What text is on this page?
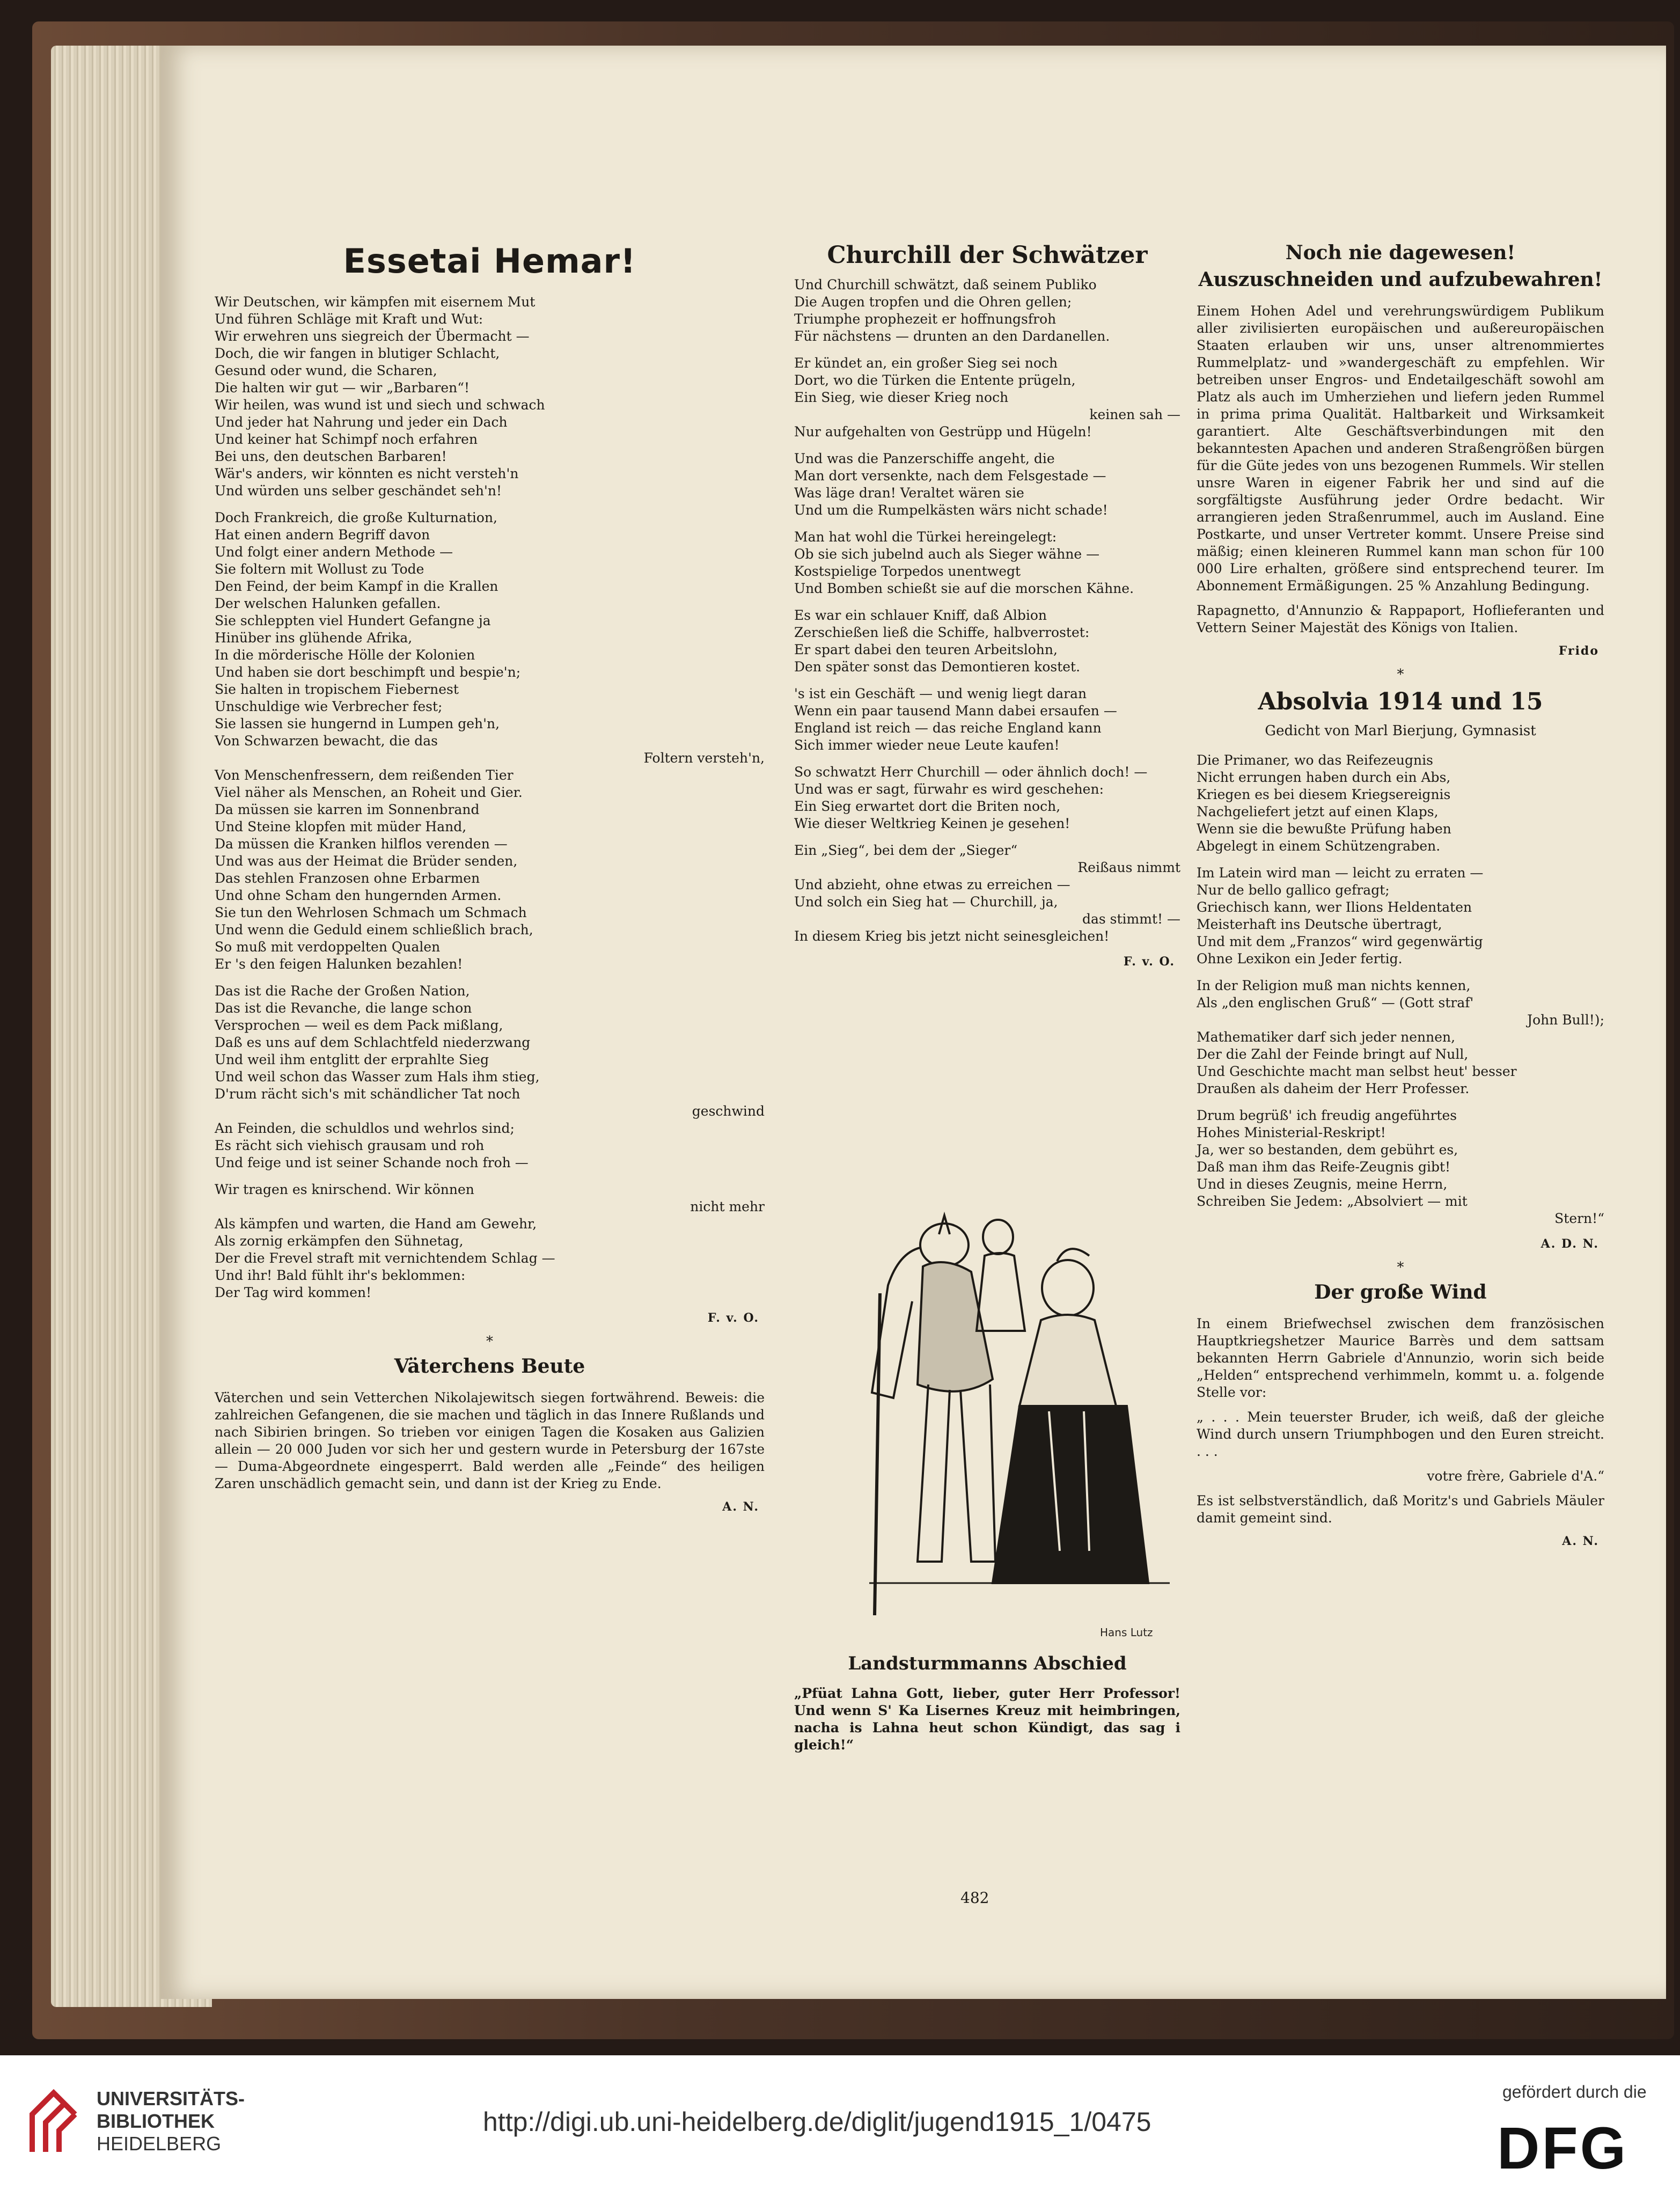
Essetai Hemar!
Wir Deutschen, wir kämpfen mit eisernem Mut
Und führen Schläge mit Kraft und Wut:
Wir erwehren uns siegreich der Übermacht —
Doch, die wir fangen in blutiger Schlacht,
Gesund oder wund, die Scharen,
Die halten wir gut — wir „Barbaren“!
Wir heilen, was wund ist und siech und schwach
Und jeder hat Nahrung und jeder ein Dach
Und keiner hat Schimpf noch erfahren
Bei uns, den deutschen Barbaren!
Wär's anders, wir könnten es nicht versteh'n
Und würden uns selber geschändet seh'n!
Doch Frankreich, die große Kulturnation,
Hat einen andern Begriff davon
Und folgt einer andern Methode —
Sie foltern mit Wollust zu Tode
Den Feind, der beim Kampf in die Krallen
Der welschen Halunken gefallen.
Sie schleppten viel Hundert Gefangne ja
Hinüber ins glühende Afrika,
In die mörderische Hölle der Kolonien
Und haben sie dort beschimpft und bespie'n;
Sie halten in tropischem Fiebernest
Unschuldige wie Verbrecher fest;
Sie lassen sie hungernd in Lumpen geh'n,
Von Schwarzen bewacht, die das
Foltern versteh'n,
Von Menschenfressern, dem reißenden Tier
Viel näher als Menschen, an Roheit und Gier.
Da müssen sie karren im Sonnenbrand
Und Steine klopfen mit müder Hand,
Da müssen die Kranken hilflos verenden —
Und was aus der Heimat die Brüder senden,
Das stehlen Franzosen ohne Erbarmen
Und ohne Scham den hungernden Armen.
Sie tun den Wehrlosen Schmach um Schmach
Und wenn die Geduld einem schließlich brach,
So muß mit verdoppelten Qualen
Er 's den feigen Halunken bezahlen!
Das ist die Rache der Großen Nation,
Das ist die Revanche, die lange schon
Versprochen — weil es dem Pack mißlang,
Daß es uns auf dem Schlachtfeld niederzwang
Und weil ihm entglitt der erprahlte Sieg
Und weil schon das Wasser zum Hals ihm stieg,
D'rum rächt sich's mit schändlicher Tat noch
geschwind
An Feinden, die schuldlos und wehrlos sind;
Es rächt sich viehisch grausam und roh
Und feige und ist seiner Schande noch froh —
Wir tragen es knirschend. Wir können
nicht mehr
Als kämpfen und warten, die Hand am Gewehr,
Als zornig erkämpfen den Sühnetag,
Der die Frevel straft mit vernichtendem Schlag —
Und ihr! Bald fühlt ihr's beklommen:
Der Tag wird kommen!
F. v. O.
*
Väterchens Beute
Väterchen und sein Vetterchen Nikolajewitsch siegen fortwährend. Beweis: die zahlreichen Gefangenen, die sie machen und täglich in das Innere Rußlands und nach Sibirien bringen. So trieben vor einigen Tagen die Kosaken aus Galizien allein — 20 000 Juden vor sich her und gestern wurde in Petersburg der 167ste — Duma-Abgeordnete eingesperrt. Bald werden alle „Feinde“ des heiligen Zaren unschädlich gemacht sein, und dann ist der Krieg zu Ende.
A. N.
Churchill der Schwätzer
Und Churchill schwätzt, daß seinem Publiko
Die Augen tropfen und die Ohren gellen;
Triumphe prophezeit er hoffnungsfroh
Für nächstens — drunten an den Dardanellen.
Er kündet an, ein großer Sieg sei noch
Dort, wo die Türken die Entente prügeln,
Ein Sieg, wie dieser Krieg noch
keinen sah —
Nur aufgehalten von Gestrüpp und Hügeln!
Und was die Panzerschiffe angeht, die
Man dort versenkte, nach dem Felsgestade —
Was läge dran! Veraltet wären sie
Und um die Rumpelkästen wärs nicht schade!
Man hat wohl die Türkei hereingelegt:
Ob sie sich jubelnd auch als Sieger wähne —
Kostspielige Torpedos unentwegt
Und Bomben schießt sie auf die morschen Kähne.
Es war ein schlauer Kniff, daß Albion
Zerschießen ließ die Schiffe, halbverrostet:
Er spart dabei den teuren Arbeitslohn,
Den später sonst das Demontieren kostet.
's ist ein Geschäft — und wenig liegt daran
Wenn ein paar tausend Mann dabei ersaufen —
England ist reich — das reiche England kann
Sich immer wieder neue Leute kaufen!
So schwatzt Herr Churchill — oder ähnlich doch! —
Und was er sagt, fürwahr es wird geschehen:
Ein Sieg erwartet dort die Briten noch,
Wie dieser Weltkrieg Keinen je gesehen!
Ein „Sieg“, bei dem der „Sieger“
Reißaus nimmt
Und abzieht, ohne etwas zu erreichen —
Und solch ein Sieg hat — Churchill, ja,
das stimmt! —
In diesem Krieg bis jetzt nicht seinesgleichen!
F. v. O.
Hans Lutz
Landsturmmanns Abschied
„Pfüat Lahna Gott, lieber, guter Herr Professor! Und wenn S' Ka Lisernes Kreuz mit heimbringen, nacha is Lahna heut schon Kündigt, das sag i gleich!“
Noch nie dagewesen!
Auszuschneiden und aufzubewahren!
Einem Hohen Adel und verehrungswürdigem Publikum aller zivilisierten europäischen und außereuropäischen Staaten erlauben wir uns, unser altrenommiertes Rummelplatz- und »wandergeschäft zu empfehlen. Wir betreiben unser Engros- und Endetailgeschäft sowohl am Platz als auch im Umherziehen und liefern jeden Rummel in prima prima Qualität. Haltbarkeit und Wirksamkeit garantiert. Alte Geschäftsverbindungen mit den bekanntesten Apachen und anderen Straßengrößen bürgen für die Güte jedes von uns bezogenen Rummels. Wir stellen unsre Waren in eigener Fabrik her und sind auf die sorgfältigste Ausführung jeder Ordre bedacht. Wir arrangieren jeden Straßenrummel, auch im Ausland. Eine Postkarte, und unser Vertreter kommt. Unsere Preise sind mäßig; einen kleineren Rummel kann man schon für 100 000 Lire erhalten, größere sind entsprechend teurer. Im Abonnement Ermäßigungen. 25 % Anzahlung Bedingung.
Rapagnetto, d'Annunzio & Rappaport, Hoflieferanten und Vettern Seiner Majestät des Königs von Italien.
Frido
*
Absolvia 1914 und 15
Gedicht von Marl Bierjung, Gymnasist
Die Primaner, wo das Reifezeugnis
Nicht errungen haben durch ein Abs,
Kriegen es bei diesem Kriegsereignis
Nachgeliefert jetzt auf einen Klaps,
Wenn sie die bewußte Prüfung haben
Abgelegt in einem Schützengraben.
Im Latein wird man — leicht zu erraten —
Nur de bello gallico gefragt;
Griechisch kann, wer Ilions Heldentaten
Meisterhaft ins Deutsche übertragt,
Und mit dem „Franzos“ wird gegenwärtig
Ohne Lexikon ein Jeder fertig.
In der Religion muß man nichts kennen,
Als „den englischen Gruß“ — (Gott straf'
John Bull!);
Mathematiker darf sich jeder nennen,
Der die Zahl der Feinde bringt auf Null,
Und Geschichte macht man selbst heut' besser
Draußen als daheim der Herr Professer.
Drum begrüß' ich freudig angeführtes
Hohes Ministerial-Reskript!
Ja, wer so bestanden, dem gebührt es,
Daß man ihm das Reife-Zeugnis gibt!
Und in dieses Zeugnis, meine Herrn,
Schreiben Sie Jedem: „Absolviert — mit
Stern!“
A. D. N.
*
Der große Wind
In einem Briefwechsel zwischen dem französischen Hauptkriegshetzer Maurice Barrès und dem sattsam bekannten Herrn Gabriele d'Annunzio, worin sich beide „Helden“ entsprechend verhimmeln, kommt u. a. folgende Stelle vor:
„ . . . Mein teuerster Bruder, ich weiß, daß der gleiche Wind durch unsern Triumphbogen und den Euren streicht. . . .
votre frère, Gabriele d'A.“
Es ist selbstverständlich, daß Moritz's und Gabriels Mäuler damit gemeint sind.
A. N.
482
UNIVERSITÄTS-
BIBLIOTHEK
HEIDELBERG
http://digi.ub.uni-heidelberg.de/diglit/jugend1915_1/0475
gefördert durch die
DFG
